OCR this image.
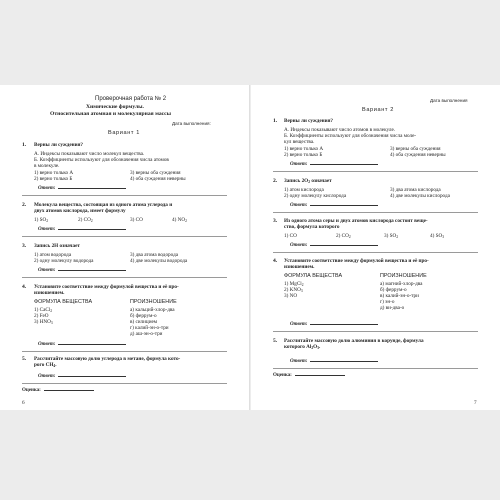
Проверочная работа № 2
Химические формулы.
Относительная атомная и молекулярная массы
Дата выполнения:
Вариант 1
1. Верны ли суждения?
А. Индексы показывают число молекул вещества.
Б. Коэффициенты используют для обозначения числа атомов
в молекуле.
1) верно только А
2) верно только Б
3) верны оба суждения
4) оба суждения неверны
Ответ:
2. Молекула вещества, состоящая из одного атома углерода и
двух атомов кислорода, имеет формулу
1) $SO_2$	2) $CO_2$	3) CO	4) $NO_2$
Ответ:
3. Запись 2H означает
1) атом водорода
2) одну молекулу водорода
3) два атома водорода
4) две молекулы водорода
Ответ:
4. Установите соответствие между формулой вещества и её про-
изношением.
ФОРМУЛА ВЕЩЕСТВА	ПРОИЗНОШЕНИЕ
1) CaCl$_2$
2) FeO
3) $HNO_3$
а) кальций-хлор-два
б) феррум-о
в) силицием
г) калий-эн-о-три
д) аш-эн-о-три
Ответ:
5. Рассчитайте массовую долю углерода в метане, формула кото-
рого $CH_4$.
Ответ:
Оценка:
6
Дата выполнения
Вариант 2
1. Верны ли суждения?
А. Индексы показывают число атомов в молекуле.
Б. Коэффициенты используют для обозначения числа моле-
кул вещества.
1) верно только А
2) верно только Б
3) верны оба суждения
4) оба суждения неверны
Ответ:
2. Запись $2O_2$ означает
1) атом кислорода
2) одну молекулу кислорода
3) два атома кислорода
4) две молекулы кислорода
Ответ:
3. Из одного атома серы и двух атомов кислорода состоит веще-
ство, формула которого
1) CO	2) $CO_2$	3) $SO_2$	4) $SO_3$
Ответ:
4. Установите соответствие между формулой вещества и её про-
изношением.
ФОРМУЛА ВЕЩЕСТВА	ПРОИЗНОШЕНИЕ
1) MgCl$_2$
2) $KNO_3$
3) NO
а) магний-хлор-два
б) феррум-о
в) калий-эн-о-три
г) эн-о
д) ви-два-о
Ответ:
5. Рассчитайте массовую долю алюминия в корунде, формула
которого $Al_2O_3$.
Ответ:
Оценка:
7
